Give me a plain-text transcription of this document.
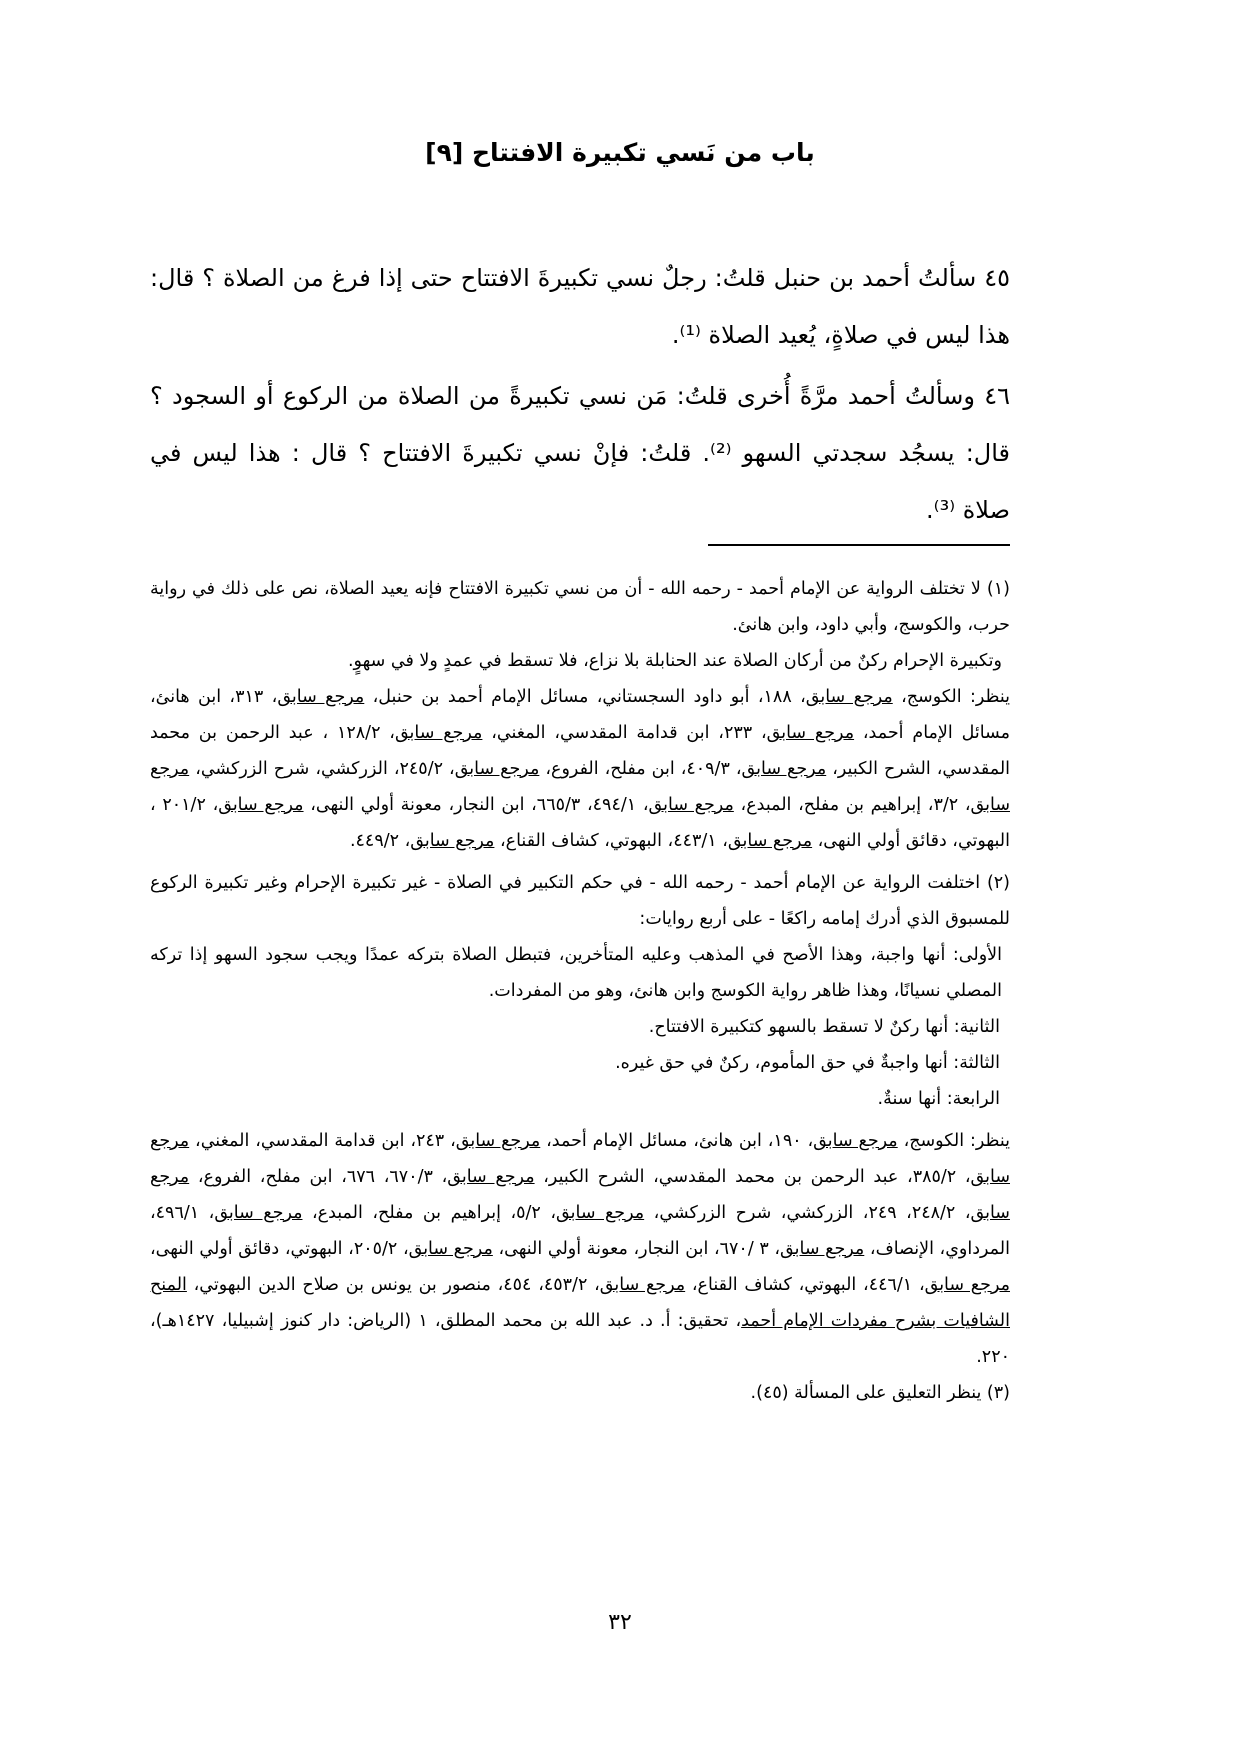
[٩] باب من نَسي تكبيرة الافتتاح

٤٥ سألتُ أحمد بن حنبل قلتُ: رجلٌ نسي تكبيرةَ الافتتاح حتى إذا فرغ من الصلاة ؟ قال: هذا ليس في صلاةٍ، يُعيد الصلاة ⁽¹⁾.

٤٦ وسألتُ أحمد مرَّةً أُخرى قلتُ: مَن نسي تكبيرةً من الصلاة من الركوع أو السجود ؟ قال: يسجُد سجدتي السهو ⁽²⁾. قلتُ: فإنْ نسي تكبيرةَ الافتتاح ؟ قال : هذا ليس في صلاة ⁽³⁾.

(١) لا تختلف الرواية عن الإمام أحمد - رحمه الله - أن من نسي تكبيرة الافتتاح فإنه يعيد الصلاة، نص على ذلك في رواية حرب، والكوسج، وأبي داود، وابن هانئ.

وتكبيرة الإحرام ركنٌ من أركان الصلاة عند الحنابلة بلا نزاع، فلا تسقط في عمدٍ ولا في سهوٍ.

ينظر: الكوسج، مرجع سابق، ١٨٨، أبو داود السجستاني، مسائل الإمام أحمد بن حنبل، مرجع سابق، ٣١٣، ابن هانئ، مسائل الإمام أحمد، مرجع سابق، ٢٣٣، ابن قدامة المقدسي، المغني، مرجع سابق، ١٢٨/٢ ، عبد الرحمن بن محمد المقدسي، الشرح الكبير، مرجع سابق، ٤٠٩/٣، ابن مفلح، الفروع، مرجع سابق، ٢٤٥/٢، الزركشي، شرح الزركشي، مرجع سابق، ٣/٢، إبراهيم بن مفلح، المبدع، مرجع سابق، ٤٩٤/١، ٦٦٥/٣، ابن النجار، معونة أولي النهى، مرجع سابق، ٢٠١/٢ ، البهوتي، دقائق أولي النهى، مرجع سابق، ٤٤٣/١، البهوتي، كشاف القناع، مرجع سابق، ٤٤٩/٢.

(٢) اختلفت الرواية عن الإمام أحمد - رحمه الله - في حكم التكبير في الصلاة - غير تكبيرة الإحرام وغير تكبيرة الركوع للمسبوق الذي أدرك إمامه راكعًا - على أربع روايات:

الأولى: أنها واجبة، وهذا الأصح في المذهب وعليه المتأخرين، فتبطل الصلاة بتركه عمدًا ويجب سجود السهو إذا تركه المصلي نسيانًا، وهذا ظاهر رواية الكوسج وابن هانئ، وهو من المفردات.

الثانية: أنها ركنٌ لا تسقط بالسهو كتكبيرة الافتتاح.

الثالثة: أنها واجبةٌ في حق المأموم، ركنٌ في حق غيره.

الرابعة: أنها سنةٌ.

ينظر: الكوسج، مرجع سابق، ١٩٠، ابن هانئ، مسائل الإمام أحمد، مرجع سابق، ٢٤٣، ابن قدامة المقدسي، المغني، مرجع سابق، ٣٨٥/٢، عبد الرحمن بن محمد المقدسي، الشرح الكبير، مرجع سابق، ٦٧٠/٣، ٦٧٦، ابن مفلح، الفروع، مرجع سابق، ٢٤٨/٢، ٢٤٩، الزركشي، شرح الزركشي، مرجع سابق، ٥/٢، إبراهيم بن مفلح، المبدع، مرجع سابق، ٤٩٦/١، المرداوي، الإنصاف، مرجع سابق، ٣ /٦٧٠، ابن النجار، معونة أولي النهى، مرجع سابق، ٢٠٥/٢، البهوتي، دقائق أولي النهى، مرجع سابق، ٤٤٦/١، البهوتي، كشاف القناع، مرجع سابق، ٤٥٣/٢، ٤٥٤، منصور بن يونس بن صلاح الدين البهوتي، المنح الشافيات بشرح مفردات الإمام أحمد، تحقيق: أ. د. عبد الله بن محمد المطلق، ١ (الرياض: دار كنوز إشبيليا، ١٤٢٧هـ)، ٢٢٠.

(٣) ينظر التعليق على المسألة (٤٥).

٣٢
